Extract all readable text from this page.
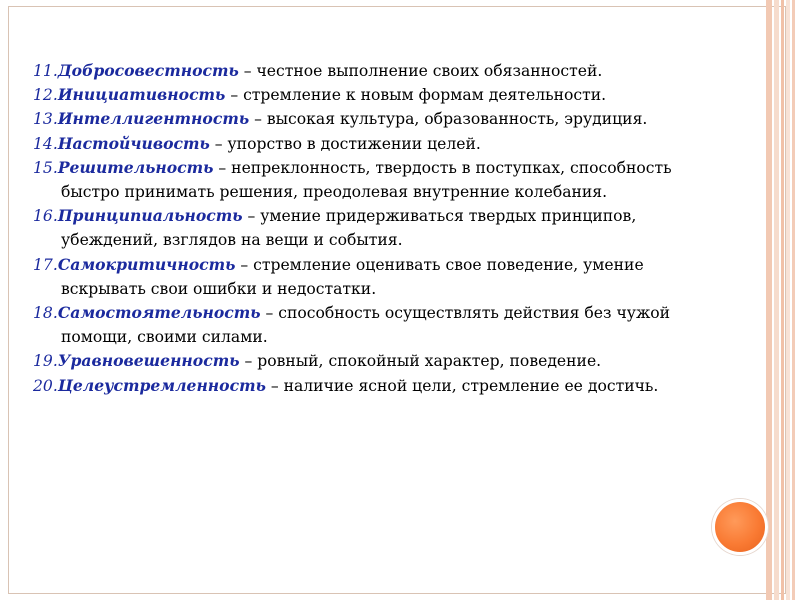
11.Добросовестность – честное выполнение своих обязанностей.
12.Инициативность – стремление к новым формам деятельности.
13.Интеллигентность – высокая культура, образованность, эрудиция.
14.Настойчивость – упорство в достижении целей.
15.Решительность – непреклонность, твердость в поступках, способность быстро принимать решения, преодолевая внутренние колебания.
16.Принципиальность – умение придерживаться твердых принципов, убеждений, взглядов на вещи и события.
17.Самокритичность – стремление оценивать свое поведение, умение вскрывать свои ошибки и недостатки.
18.Самостоятельность – способность осуществлять действия без чужой помощи, своими силами.
19.Уравновешенность – ровный, спокойный характер, поведение.
20.Целеустремленность – наличие ясной цели, стремление ее достичь.
